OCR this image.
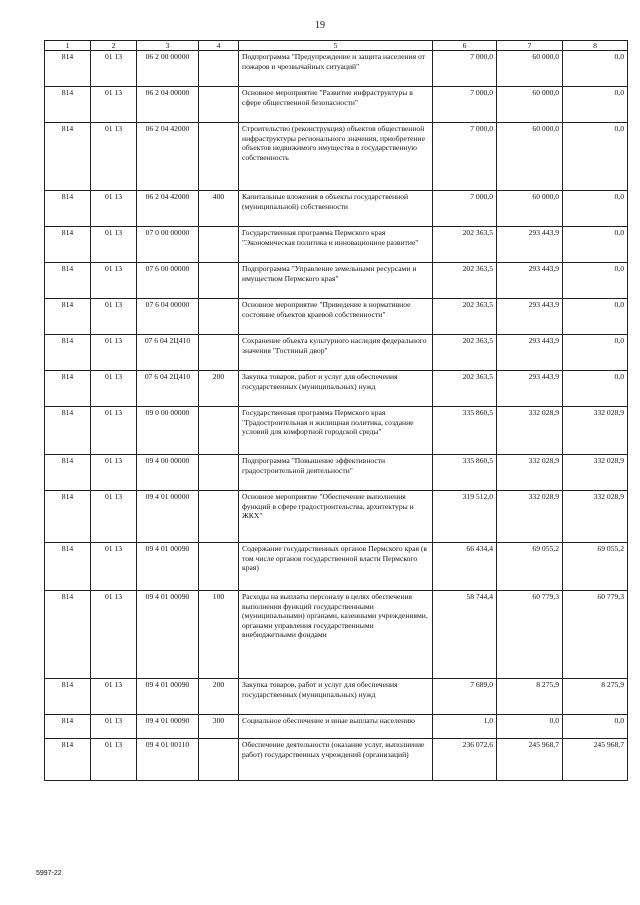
19
1	2	3	4	5	6	7	8
814	01 13	06 2 00 00000		Подпрограмма "Предупреждение и защита населения от пожаров и чрезвычайных ситуаций"	7 000,0	60 000,0	0,0
814	01 13	06 2 04 00000		Основное мероприятие "Развитие инфраструктуры в сфере общественной безопасности"	7 000,0	60 000,0	0,0
814	01 13	06 2 04 42000		Строительство (реконструкция) объектов общественной инфраструктуры регионального значения, приобретение объектов недвижимого имущества в государственную собственность	7 000,0	60 000,0	0,0
814	01 13	06 2 04 42000	400	Капитальные вложения в объекты государственной (муниципальной) собственности	7 000,0	60 000,0	0,0
814	01 13	07 0 00 00000		Государственная программа Пермского края "Экономическая политика и инновационное развитие"	202 363,5	293 443,9	0,0
814	01 13	07 6 00 00000		Подпрограмма "Управление земельными ресурсами и имуществом Пермского края"	202 363,5	293 443,9	0,0
814	01 13	07 6 04 00000		Основное мероприятие "Приведение в нормативное состояние объектов краевой собственности"	202 363,5	293 443,9	0,0
814	01 13	07 6 04 2Ц410		Сохранение объекта культурного наследия федерального значения "Гостиный двор"	202 363,5	293 443,9	0,0
814	01 13	07 6 04 2Ц410	200	Закупка товаров, работ и услуг для обеспечения государственных (муниципальных) нужд	202 363,5	293 443,9	0,0
814	01 13	09 0 00 00000		Государственная программа Пермского края "Градостроительная и жилищная политика, создание условий для комфортной городской среды"	335 860,5	332 028,9	332 028,9
814	01 13	09 4 00 00000		Подпрограмма "Повышение эффективности градостроительной деятельности"	335 860,5	332 028,9	332 028,9
814	01 13	09 4 01 00000		Основное мероприятие "Обеспечение выполнения функций в сфере градостроительства, архитектуры и ЖКХ"	319 512,0	332 028,9	332 028,9
814	01 13	09 4 01 00090		Содержание государственных органов Пермского края (в том числе органов государственной власти Пермского края)	66 434,4	69 055,2	69 055,2
814	01 13	09 4 01 00090	100	Расходы на выплаты персоналу в целях обеспечения выполнения функций государственными (муниципальными) органами, казенными учреждениями, органами управления государственными внебюджетными фондами	58 744,4	60 779,3	60 779,3
814	01 13	09 4 01 00090	200	Закупка товаров, работ и услуг для обеспечения государственных (муниципальных) нужд	7 689,0	8 275,9	8 275,9
814	01 13	09 4 01 00090	300	Социальное обеспечение и иные выплаты населению	1,0	0,0	0,0
814	01 13	09 4 01 00110		Обеспечение деятельности (оказание услуг, выполнение работ) государственных учреждений (организаций)	236 072,6	245 968,7	245 968,7
5997-22
